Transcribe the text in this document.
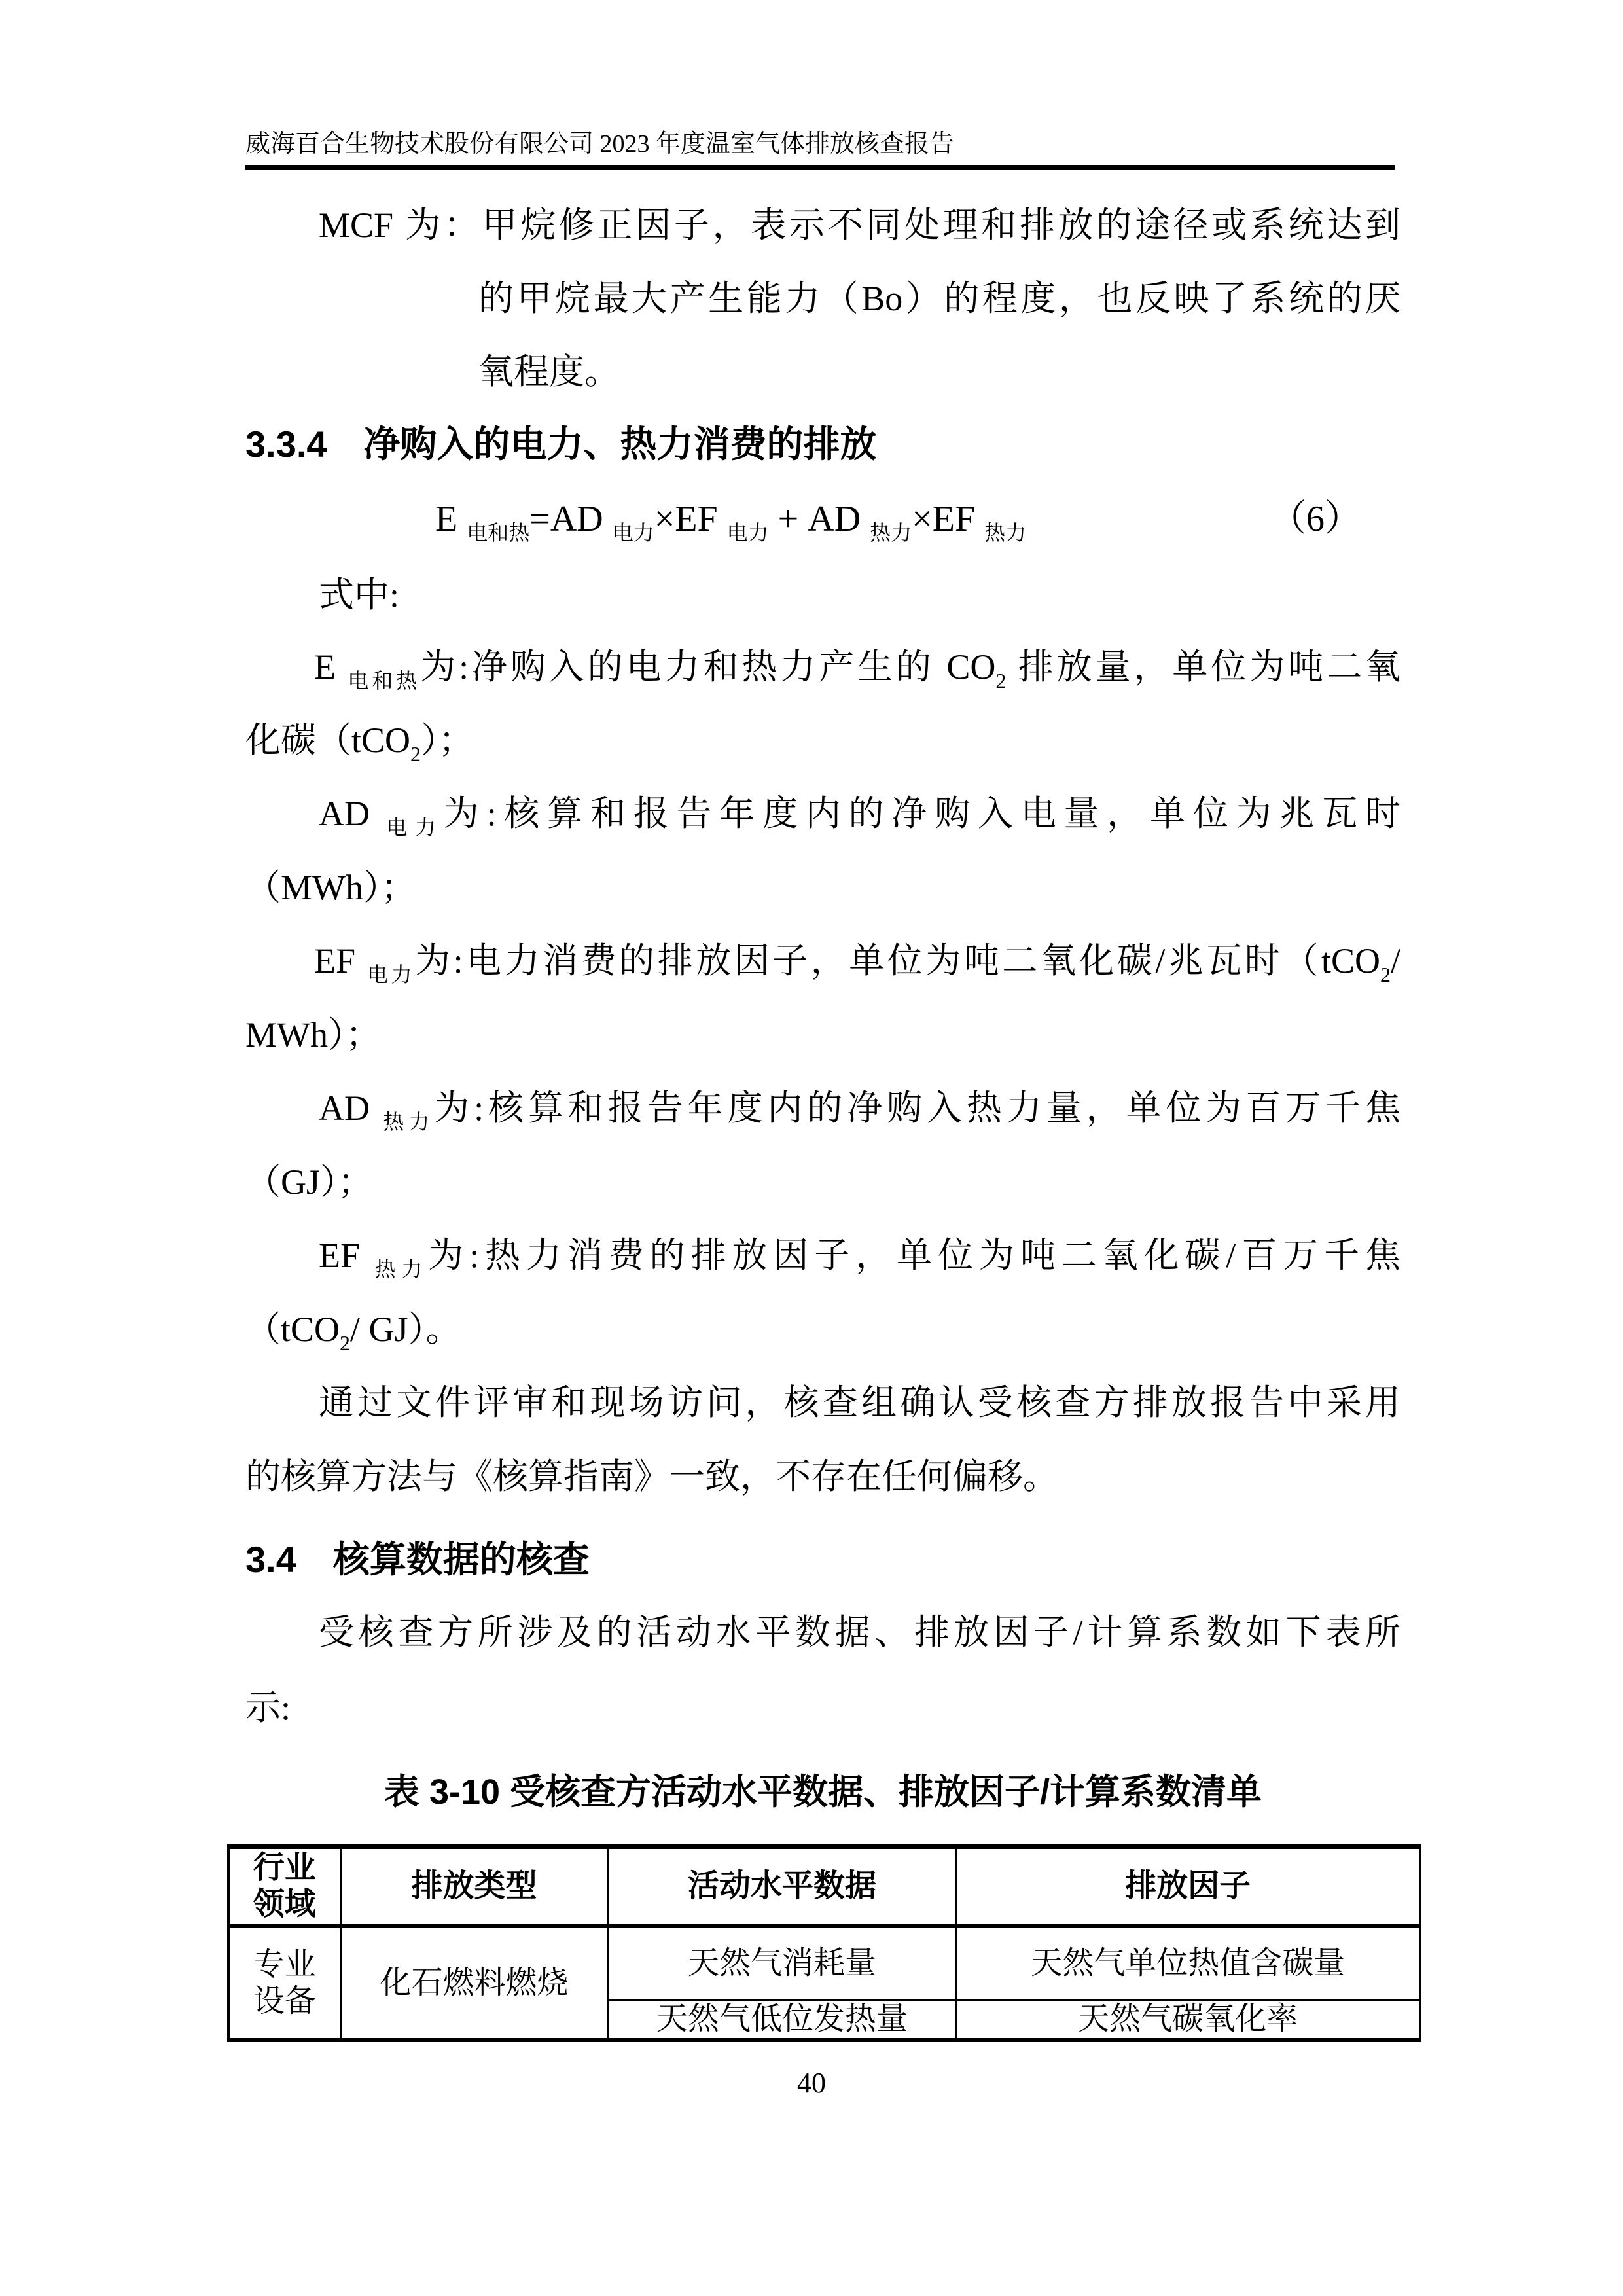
威海百合生物技术股份有限公司 2023 年度温室气体排放核查报告
MCF 为：甲烷修正因子，表示不同处理和排放的途径或系统达到
的甲烷最大产生能力（Bo）的程度，也反映了系统的厌
氧程度。
3.3.4　净购入的电力、热力消费的排放
E $_{电和热}$=AD $_{电力}$×EF $_{电力}$ + AD $_{热力}$×EF $_{热力}$	（6）
式中:
E $_{电和热}$为:净购入的电力和热力产生的 $CO_2$ 排放量，单位为吨二氧
化碳（tCO$_2$）；
AD $_{电力}$为:核算和报告年度内的净购入电量，单位为兆瓦时
（MWh）；
EF $_{电力}$为:电力消费的排放因子，单位为吨二氧化碳/兆瓦时（tCO$_2$/
MWh）；
AD $_{热力}$为:核算和报告年度内的净购入热力量，单位为百万千焦
（GJ）；
EF $_{热力}$为:热力消费的排放因子，单位为吨二氧化碳/百万千焦
（tCO$_2$/ GJ）。
通过文件评审和现场访问，核查组确认受核查方排放报告中采用
的核算方法与《核算指南》一致，不存在任何偏移。
3.4　核算数据的核查
受核查方所涉及的活动水平数据、排放因子/计算系数如下表所
示:
表 3-10 受核查方活动水平数据、排放因子/计算系数清单
行业
领域	排放类型	活动水平数据	排放因子
专业
设备	化石燃料燃烧	天然气消耗量	天然气单位热值含碳量
		天然气低位发热量	天然气碳氧化率
40
